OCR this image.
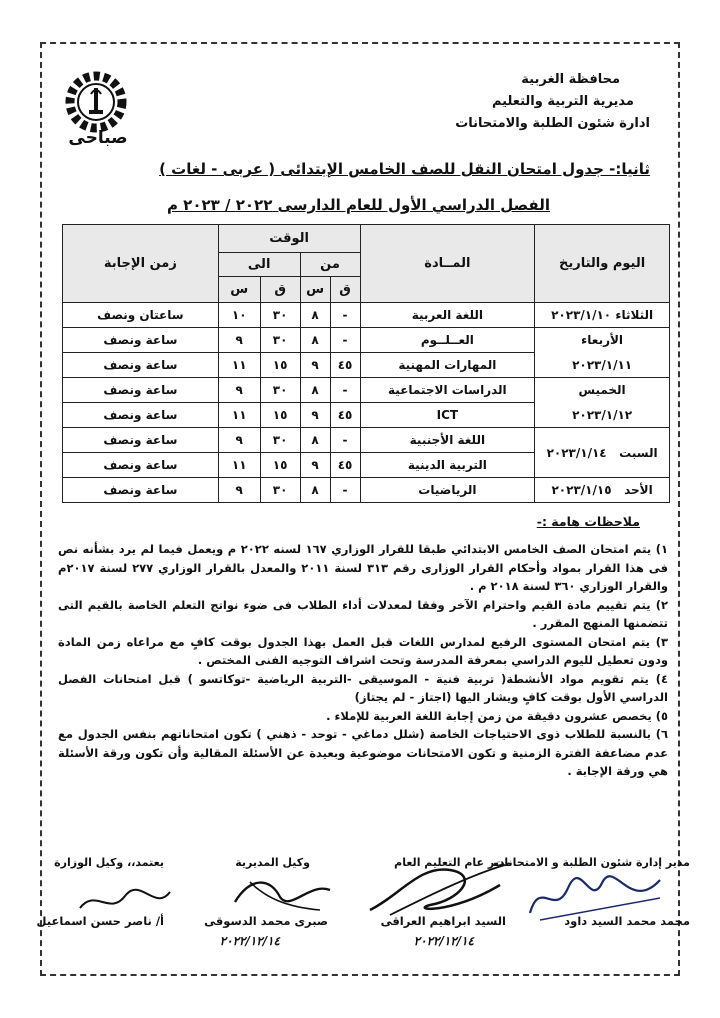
صباحى
محافظة الغربية
مديرية التربية والتعليم
ادارة شئون الطلبة والامتحانات
ثانيا:- جدول امتحان النقل للصف الخامس الإبتدائى ( عربى - لغات )
الفصل الدراسي الأول للعام الدارسى ٢٠٢٢ / ٢٠٢٣ م
اليوم والتاريخ	المــادة	الوقت				زمن الإجابة
		من		الى		
		ق	س	ق	س	
الثلاثاء ٢٠٢٣/١/١٠	اللغة العربية	-	٨	٣٠	١٠	ساعتان ونصف
الأربعاء	العــلــوم	-	٨	٣٠	٩	ساعة ونصف
٢٠٢٣/١/١١	المهارات المهنية	٤٥	٩	١٥	١١	ساعة ونصف
الخميس	الدراسات الاجتماعية	-	٨	٣٠	٩	ساعة ونصف
٢٠٢٣/١/١٢	ICT	٤٥	٩	١٥	١١	ساعة ونصف
السبت   ٢٠٢٣/١/١٤	اللغة الأجنبية	-	٨	٣٠	٩	ساعة ونصف
	التربية الدينية	٤٥	٩	١٥	١١	ساعة ونصف
الأحد   ٢٠٢٣/١/١٥	الرياضيات	-	٨	٣٠	٩	ساعة ونصف
ملاحظات هامة :-
١) يتم امتحان الصف الخامس الابتدائي طبقا للقرار الوزاري ١٦٧ لسنه ٢٠٢٢ م ويعمل فيما لم يرد بشأنه نص فى هذا القرار بمواد وأحكام القرار الوزارى رقم ٣١٣ لسنة ٢٠١١ والمعدل بالقرار الوزاري ٢٧٧ لسنة ٢٠١٧م والقرار الوزاري ٣٦٠ لسنة ٢٠١٨ م .
٢) يتم تقييم مادة القيم واحترام الآخر وفقا لمعدلات أداء الطلاب فى ضوء نواتج التعلم الخاصة بالقيم التى تتضمنها المنهج المقرر .
٣) يتم امتحان المستوى الرفيع لمدارس اللغات قبل العمل بهذا الجدول بوقت كافٍ مع مراعاه زمن المادة ودون تعطيل لليوم الدراسي بمعرفة المدرسة وتحت اشراف التوجيه الفنى المختص .
٤) يتم تقويم مواد الأنشطة( تربية فنية - الموسيقى -التربية الرياضية -توكاتسو ) قبل امتحانات الفصل الدراسي الأول بوقت كافٍ ويشار اليها (اجتاز - لم يجتاز)
٥) يخصص عشرون دقيقة من زمن إجابة اللغة العربية للإملاء .
٦) بالنسبة للطلاب ذوى الاحتياجات الخاصة (شلل دماغي - توحد - ذهني ) تكون امتحاناتهم بنفس الجدول مع عدم مضاعفة الفترة الزمنية و تكون الامتحانات موضوعية وبعيدة عن الأسئلة المقالية وأن تكون ورقة الأسئلة هي ورقة الإجابة .
مدير إدارة شئون الطلبة و الامتحانات
مدير عام التعليم العام
وكيل المديرية
يعتمد،، وكيل الوزارة
محمد محمد السيد داود
السيد ابراهيم العراقى
صبرى محمد الدسوقى
أ/ ناصر حسن اسماعيل
٢٠٢٢/١٢/١٤
٢٠٢٢/١٢/١٤
